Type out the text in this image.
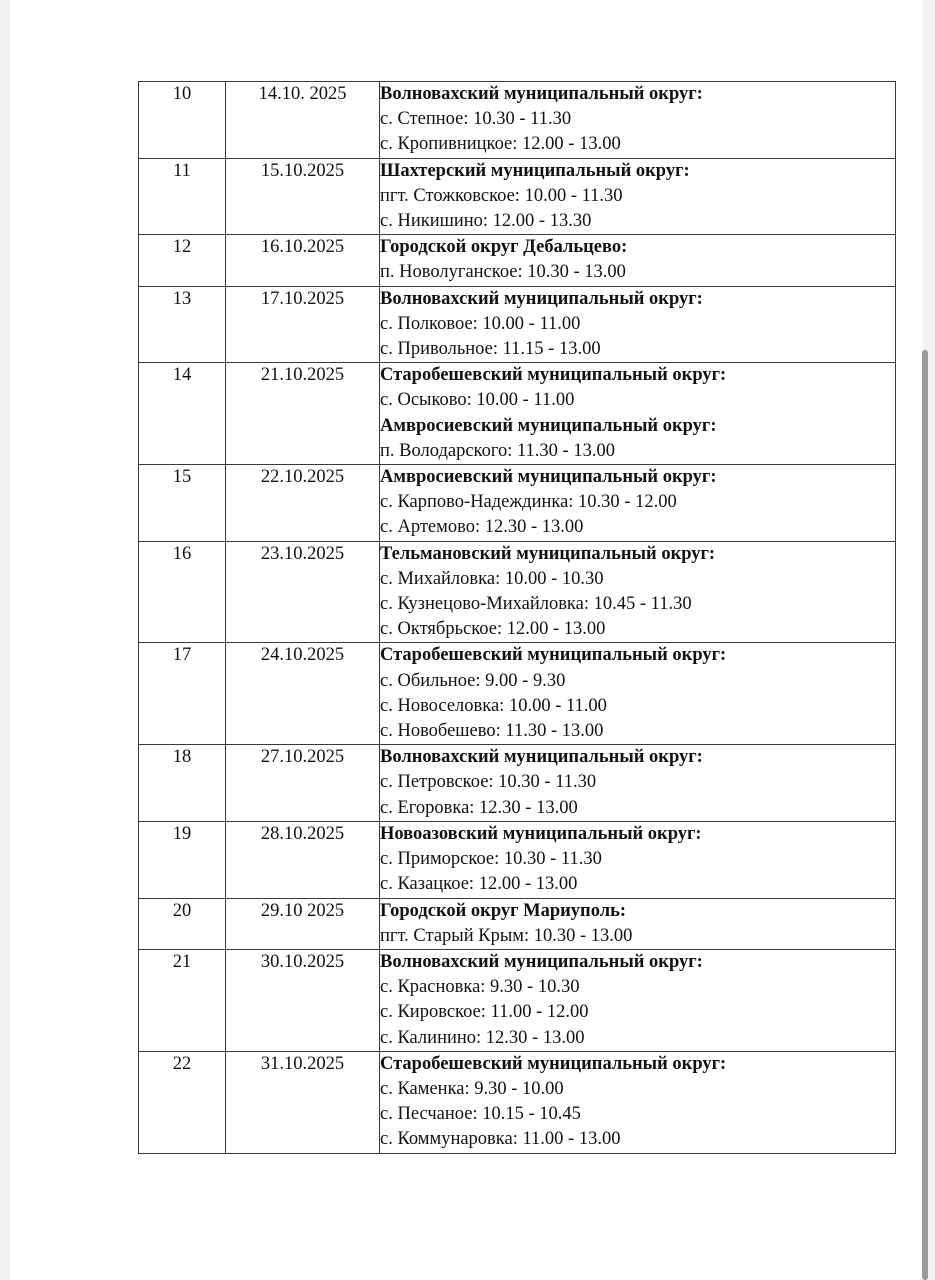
10	14.10. 2025	Волновахский муниципальный округ:
с. Степное: 10.30 - 11.30
с. Кропивницкое: 12.00 - 13.00

11	15.10.2025	Шахтерский муниципальный округ:
пгт. Стожковское: 10.00 - 11.30
с. Никишино: 12.00 - 13.30

12	16.10.2025	Городской округ Дебальцево:
п. Новолуганское: 10.30 - 13.00

13	17.10.2025	Волновахский муниципальный округ:
с. Полковое: 10.00 - 11.00
с. Привольное: 11.15 - 13.00

14	21.10.2025	Старобешевский муниципальный округ:
с. Осыково: 10.00 - 11.00
Амвросиевский муниципальный округ:
п. Володарского: 11.30 - 13.00

15	22.10.2025	Амвросиевский муниципальный округ:
с. Карпово-Надеждинка: 10.30 - 12.00
с. Артемово: 12.30 - 13.00

16	23.10.2025	Тельмановский муниципальный округ:
с. Михайловка: 10.00 - 10.30
с. Кузнецово-Михайловка: 10.45 - 11.30
с. Октябрьское: 12.00 - 13.00

17	24.10.2025	Старобешевский муниципальный округ:
с. Обильное: 9.00 - 9.30
с. Новоселовка: 10.00 - 11.00
с. Новобешево: 11.30 - 13.00

18	27.10.2025	Волновахский муниципальный округ:
с. Петровское: 10.30 - 11.30
с. Егоровка: 12.30 - 13.00

19	28.10.2025	Новоазовский муниципальный округ:
с. Приморское: 10.30 - 11.30
с. Казацкое: 12.00 - 13.00

20	29.10 2025	Городской округ Мариуполь:
пгт. Старый Крым: 10.30 - 13.00

21	30.10.2025	Волновахский муниципальный округ:
с. Красновка: 9.30 - 10.30
с. Кировское: 11.00 - 12.00
с. Калинино: 12.30 - 13.00

22	31.10.2025	Старобешевский муниципальный округ:
с. Каменка: 9.30 - 10.00
с. Песчаное: 10.15 - 10.45
с. Коммунаровка: 11.00 - 13.00
